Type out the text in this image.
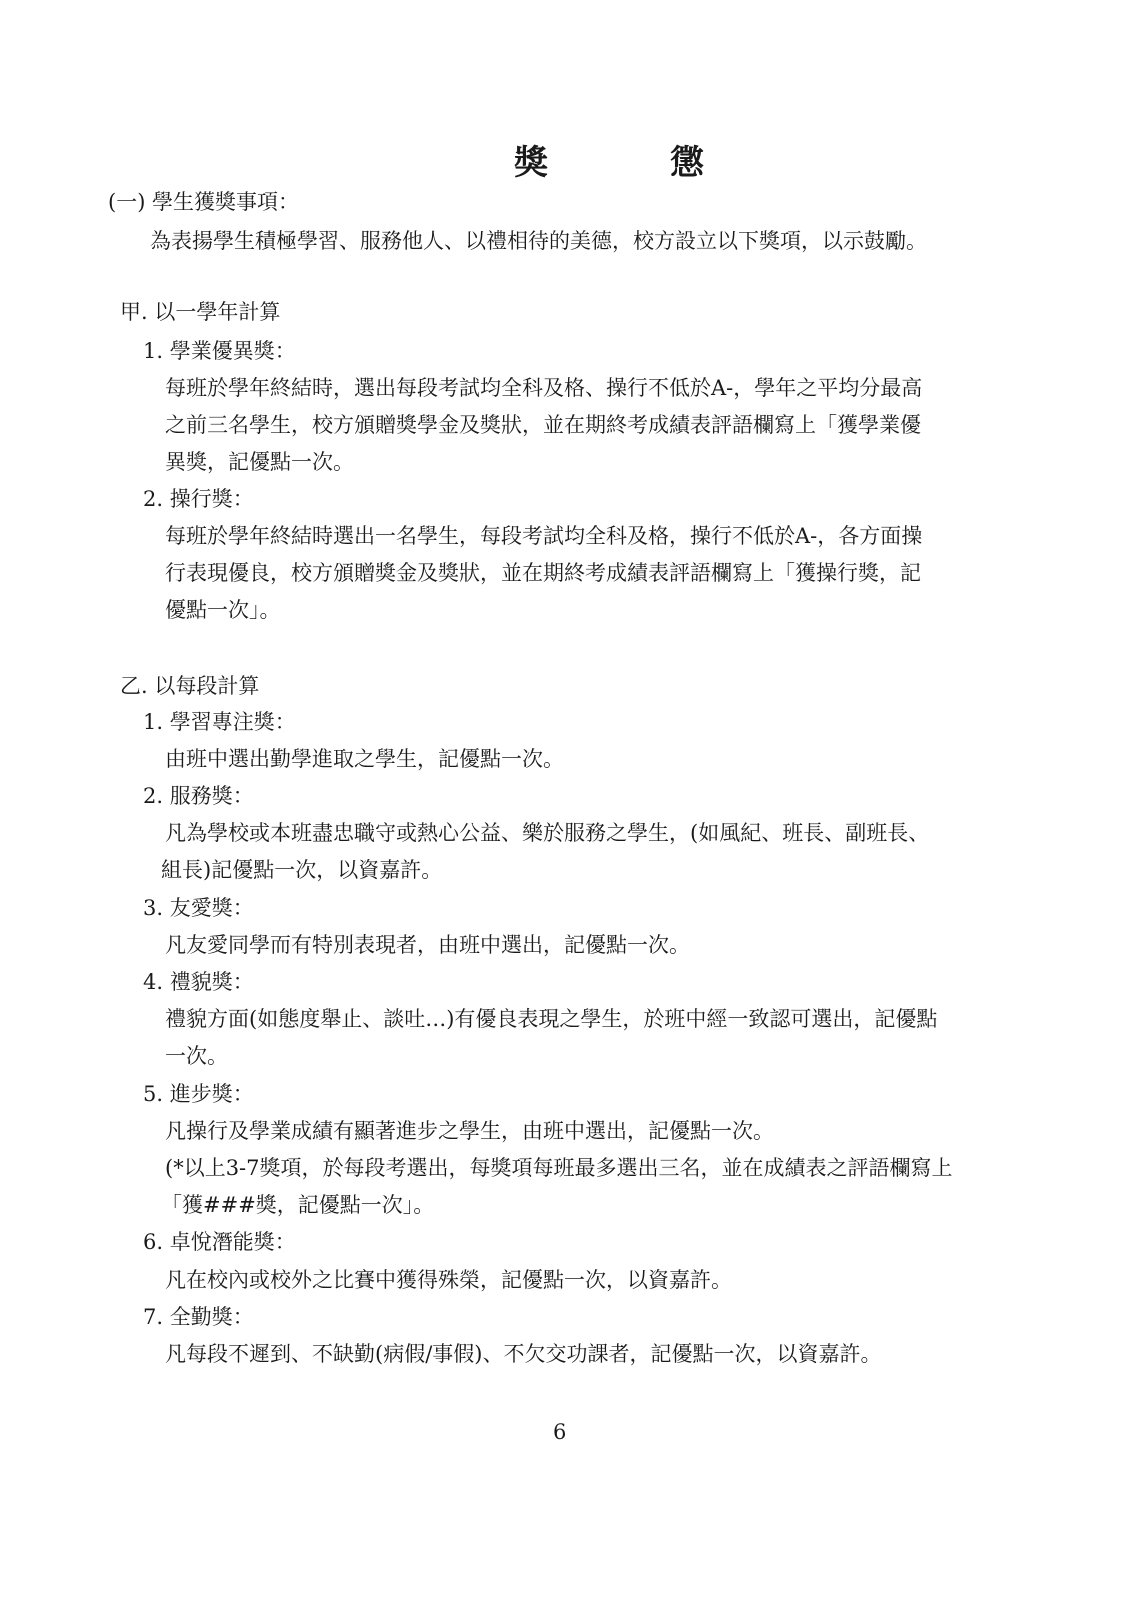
獎　懲
(一) 學生獲獎事項：
為表揚學生積極學習、服務他人、以禮相待的美德，校方設立以下獎項，以示鼓勵。
甲. 以一學年計算
1. 學業優異獎：
每班於學年終結時，選出每段考試均全科及格、操行不低於A-，學年之平均分最高
之前三名學生，校方頒贈獎學金及獎狀，並在期終考成績表評語欄寫上「獲學業優
異獎，記優點一次。
2. 操行獎：
每班於學年終結時選出一名學生，每段考試均全科及格，操行不低於A-，各方面操
行表現優良，校方頒贈獎金及獎狀，並在期終考成績表評語欄寫上「獲操行獎，記
優點一次」。
乙. 以每段計算
1. 學習專注獎：
由班中選出勤學進取之學生，記優點一次。
2. 服務獎：
凡為學校或本班盡忠職守或熱心公益、樂於服務之學生，(如風紀、班長、副班長、
組長)記優點一次，以資嘉許。
3. 友愛獎：
凡友愛同學而有特別表現者，由班中選出，記優點一次。
4. 禮貌獎：
禮貌方面(如態度舉止、談吐…)有優良表現之學生，於班中經一致認可選出，記優點
一次。
5. 進步獎：
凡操行及學業成績有顯著進步之學生，由班中選出，記優點一次。
(*以上3-7獎項，於每段考選出，每獎項每班最多選出三名，並在成績表之評語欄寫上
「獲###獎，記優點一次」。
6. 卓悅潛能獎：
凡在校內或校外之比賽中獲得殊榮，記優點一次，以資嘉許。
7. 全勤獎：
凡每段不遲到、不缺勤(病假/事假)、不欠交功課者，記優點一次，以資嘉許。
6
